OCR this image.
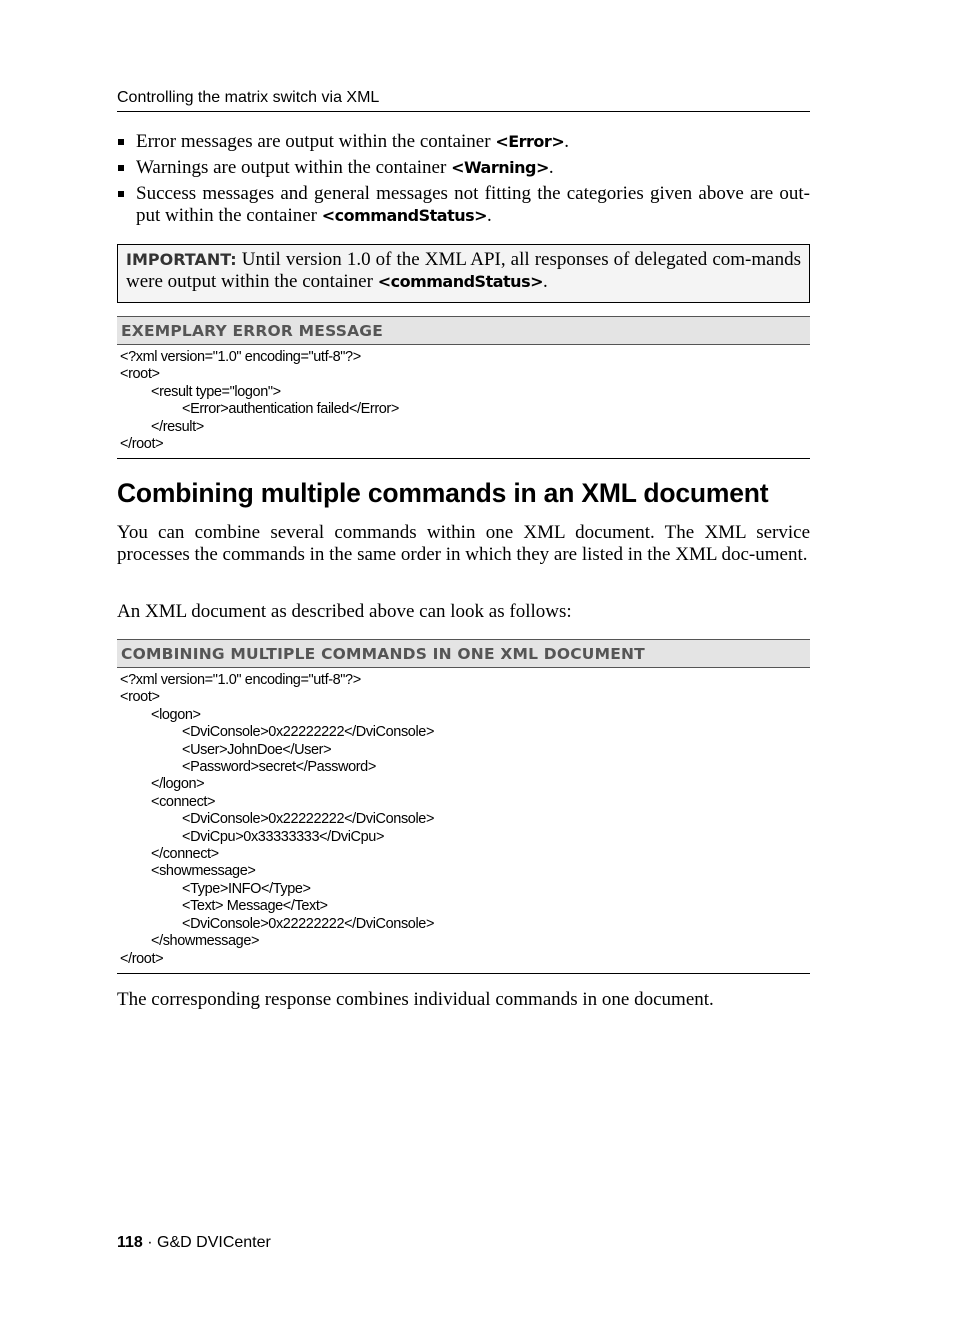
Controlling the matrix switch via XML
Error messages are output within the container <Error>.
Warnings are output within the container <Warning>.
Success messages and general messages not fitting the categories given above are out-put within the container <commandStatus>.
IMPORTANT: Until version 1.0 of the XML API, all responses of delegated com-mands were output within the container <commandStatus>.
EXEMPLARY ERROR MESSAGE
<?xml version="1.0" encoding="utf-8"?>
<root>
<result type="logon">
<Error>authentication failed</Error>
</result>
</root>
Combining multiple commands in an XML document

You can combine several commands within one XML document. The XML service processes the commands in the same order in which they are listed in the XML doc-ument.

An XML document as described above can look as follows:

COMBINING MULTIPLE COMMANDS IN ONE XML DOCUMENT
<?xml version="1.0" encoding="utf-8"?>
<root>
<logon>
<DviConsole>0x22222222</DviConsole>
<User>JohnDoe</User>
<Password>secret</Password>
</logon>
<connect>
<DviConsole>0x22222222</DviConsole>
<DviCpu>0x33333333</DviCpu>
</connect>
<showmessage>
<Type>INFO</Type>
<Text> Message</Text>
<DviConsole>0x22222222</DviConsole>
</showmessage>
</root>

The corresponding response combines individual commands in one document.

118 · G&D DVICenter
